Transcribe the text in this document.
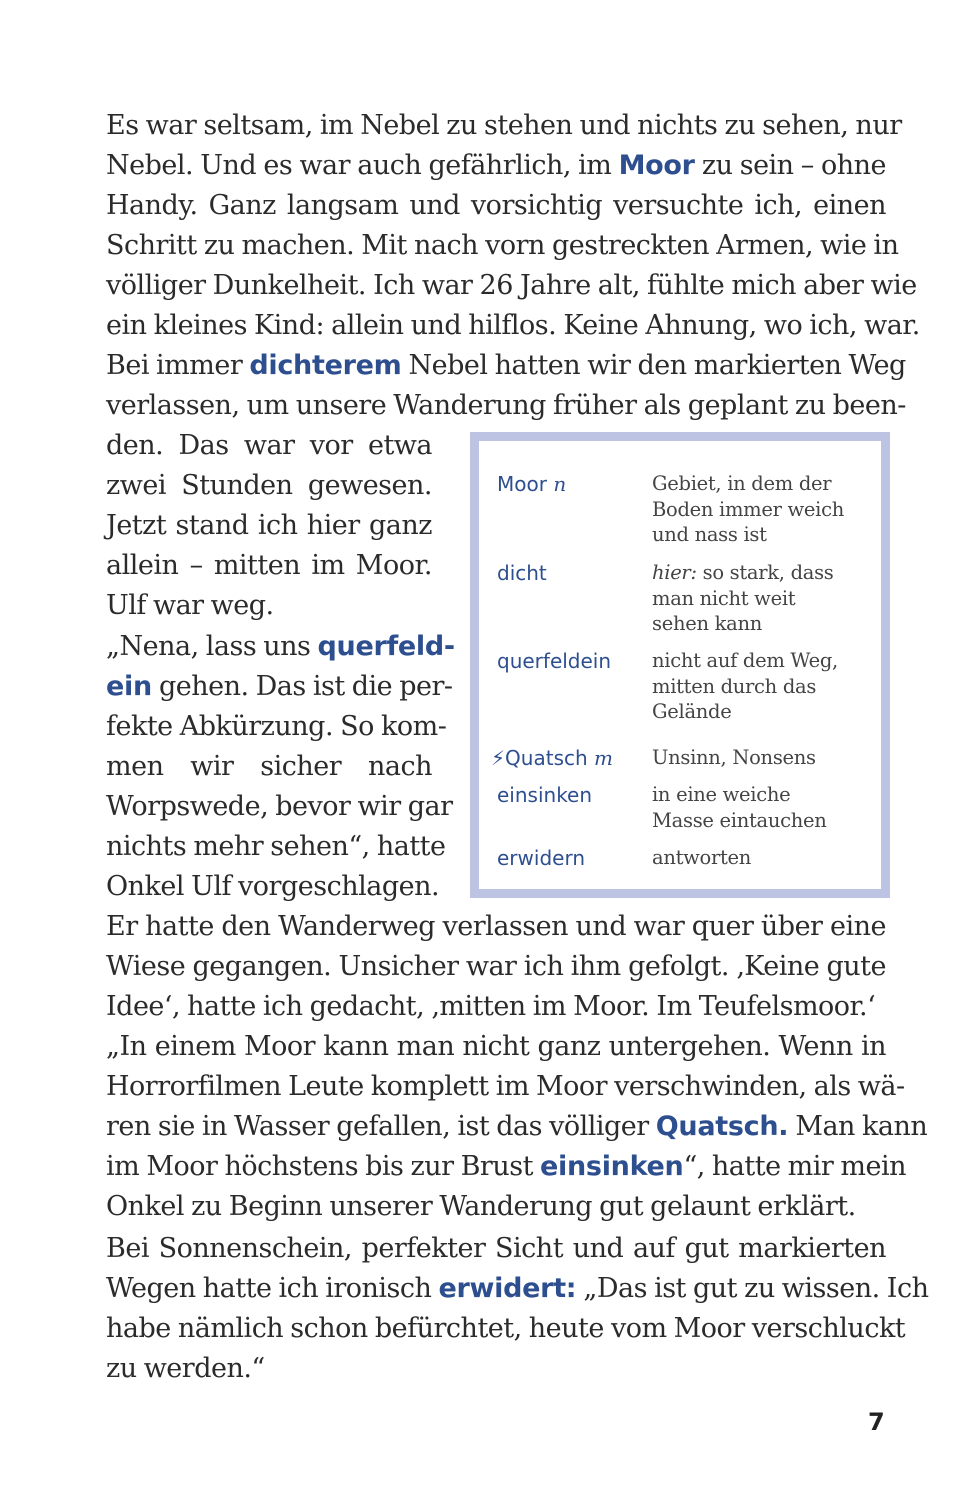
Es war seltsam, im Nebel zu stehen und nichts zu sehen, nur
Nebel. Und es war auch gefährlich, im Moor zu sein – ohne
Handy. Ganz langsam und vorsichtig versuchte ich, einen
Schritt zu machen. Mit nach vorn gestreckten Armen, wie in
völliger Dunkelheit. Ich war 26 Jahre alt, fühlte mich aber wie
ein kleines Kind: allein und hilflos. Keine Ahnung, wo ich, war.
Bei immer dichterem Nebel hatten wir den markierten Weg
verlassen, um unsere Wanderung früher als geplant zu been-
den. Das war vor etwa
zwei Stunden gewesen.
Jetzt stand ich hier ganz
allein – mitten im Moor.
Ulf war weg.
„Nena, lass uns querfeld-
ein gehen. Das ist die per-
fekte Abkürzung. So kom-
men wir sicher nach
Worpswede, bevor wir gar
nichts mehr sehen“, hatte
Onkel Ulf vorgeschlagen.
Moor n	Gebiet, in dem der
Boden immer weich
und nass ist
dicht	hier: so stark, dass
man nicht weit
sehen kann
querfeldein	nicht auf dem Weg,
mitten durch das
Gelände
⚡Quatsch m	Unsinn, Nonsens
einsinken	in eine weiche
Masse eintauchen
erwidern	antworten
Er hatte den Wanderweg verlassen und war quer über eine
Wiese gegangen. Unsicher war ich ihm gefolgt. ‚Keine gute
Idee‘, hatte ich gedacht, ‚mitten im Moor. Im Teufelsmoor.‘
„In einem Moor kann man nicht ganz untergehen. Wenn in
Horrorfilmen Leute komplett im Moor verschwinden, als wä-
ren sie in Wasser gefallen, ist das völliger Quatsch. Man kann
im Moor höchstens bis zur Brust einsinken“, hatte mir mein
Onkel zu Beginn unserer Wanderung gut gelaunt erklärt.
Bei Sonnenschein, perfekter Sicht und auf gut markierten
Wegen hatte ich ironisch erwidert: „Das ist gut zu wissen. Ich
habe nämlich schon befürchtet, heute vom Moor verschluckt
zu werden.“
7
